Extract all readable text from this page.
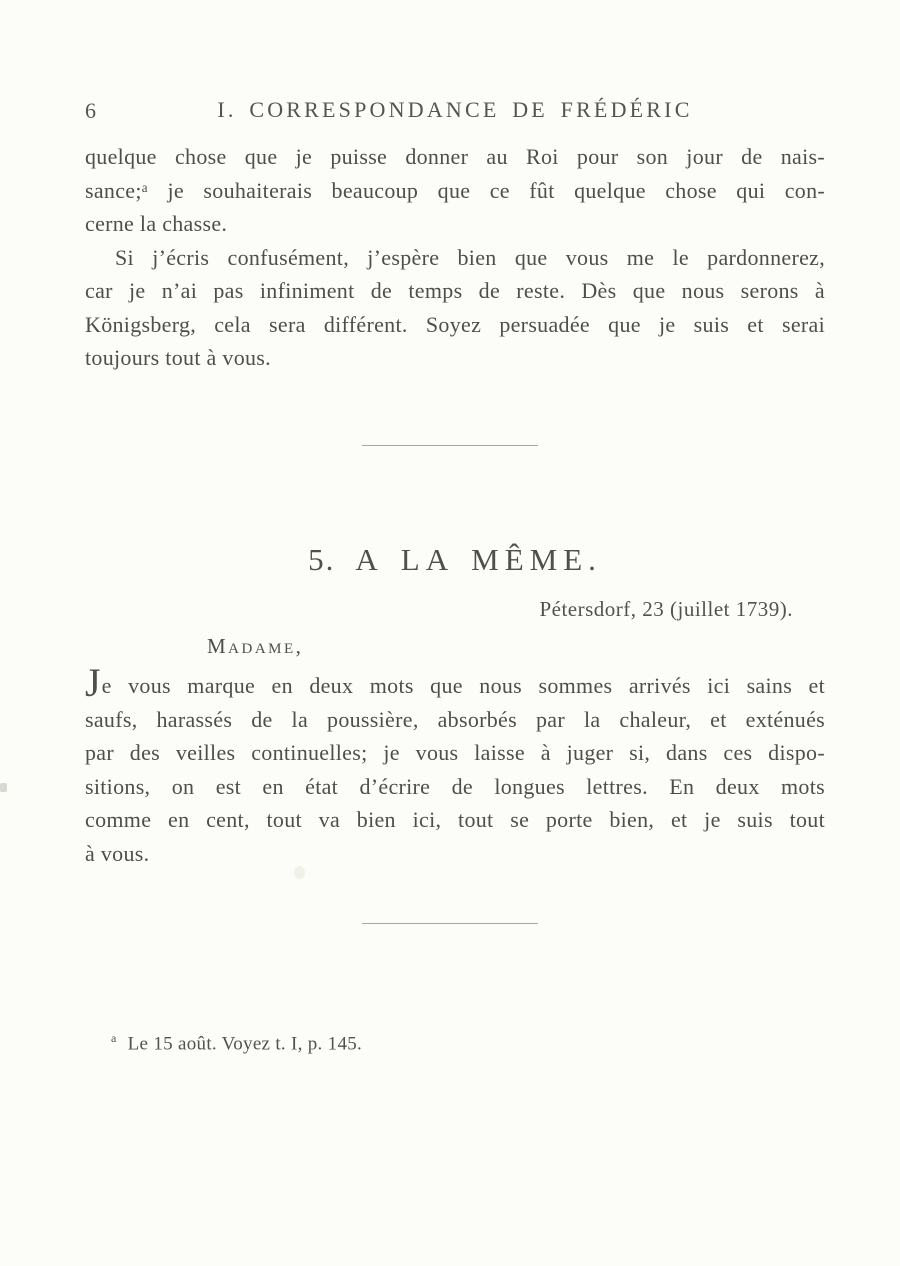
6	I. CORRESPONDANCE DE FRÉDÉRIC

quelque chose que je puisse donner au Roi pour son jour de nais-
sance;ᵃ je souhaiterais beaucoup que ce fût quelque chose qui con-
cerne la chasse.

Si j’écris confusément, j’espère bien que vous me le pardonnerez,
car je n’ai pas infiniment de temps de reste. Dès que nous serons à
Königsberg, cela sera différent. Soyez persuadée que je suis et serai
toujours tout à vous.

5. A LA MÊME.
Pétersdorf, 23 (juillet 1739).
Madame,

Je vous marque en deux mots que nous sommes arrivés ici sains et
saufs, harassés de la poussière, absorbés par la chaleur, et exténués
par des veilles continuelles; je vous laisse à juger si, dans ces dispo-
sitions, on est en état d’écrire de longues lettres. En deux mots
comme en cent, tout va bien ici, tout se porte bien, et je suis tout
à vous.

$^a$ Le 15 août. Voyez t. I, p. 145.
